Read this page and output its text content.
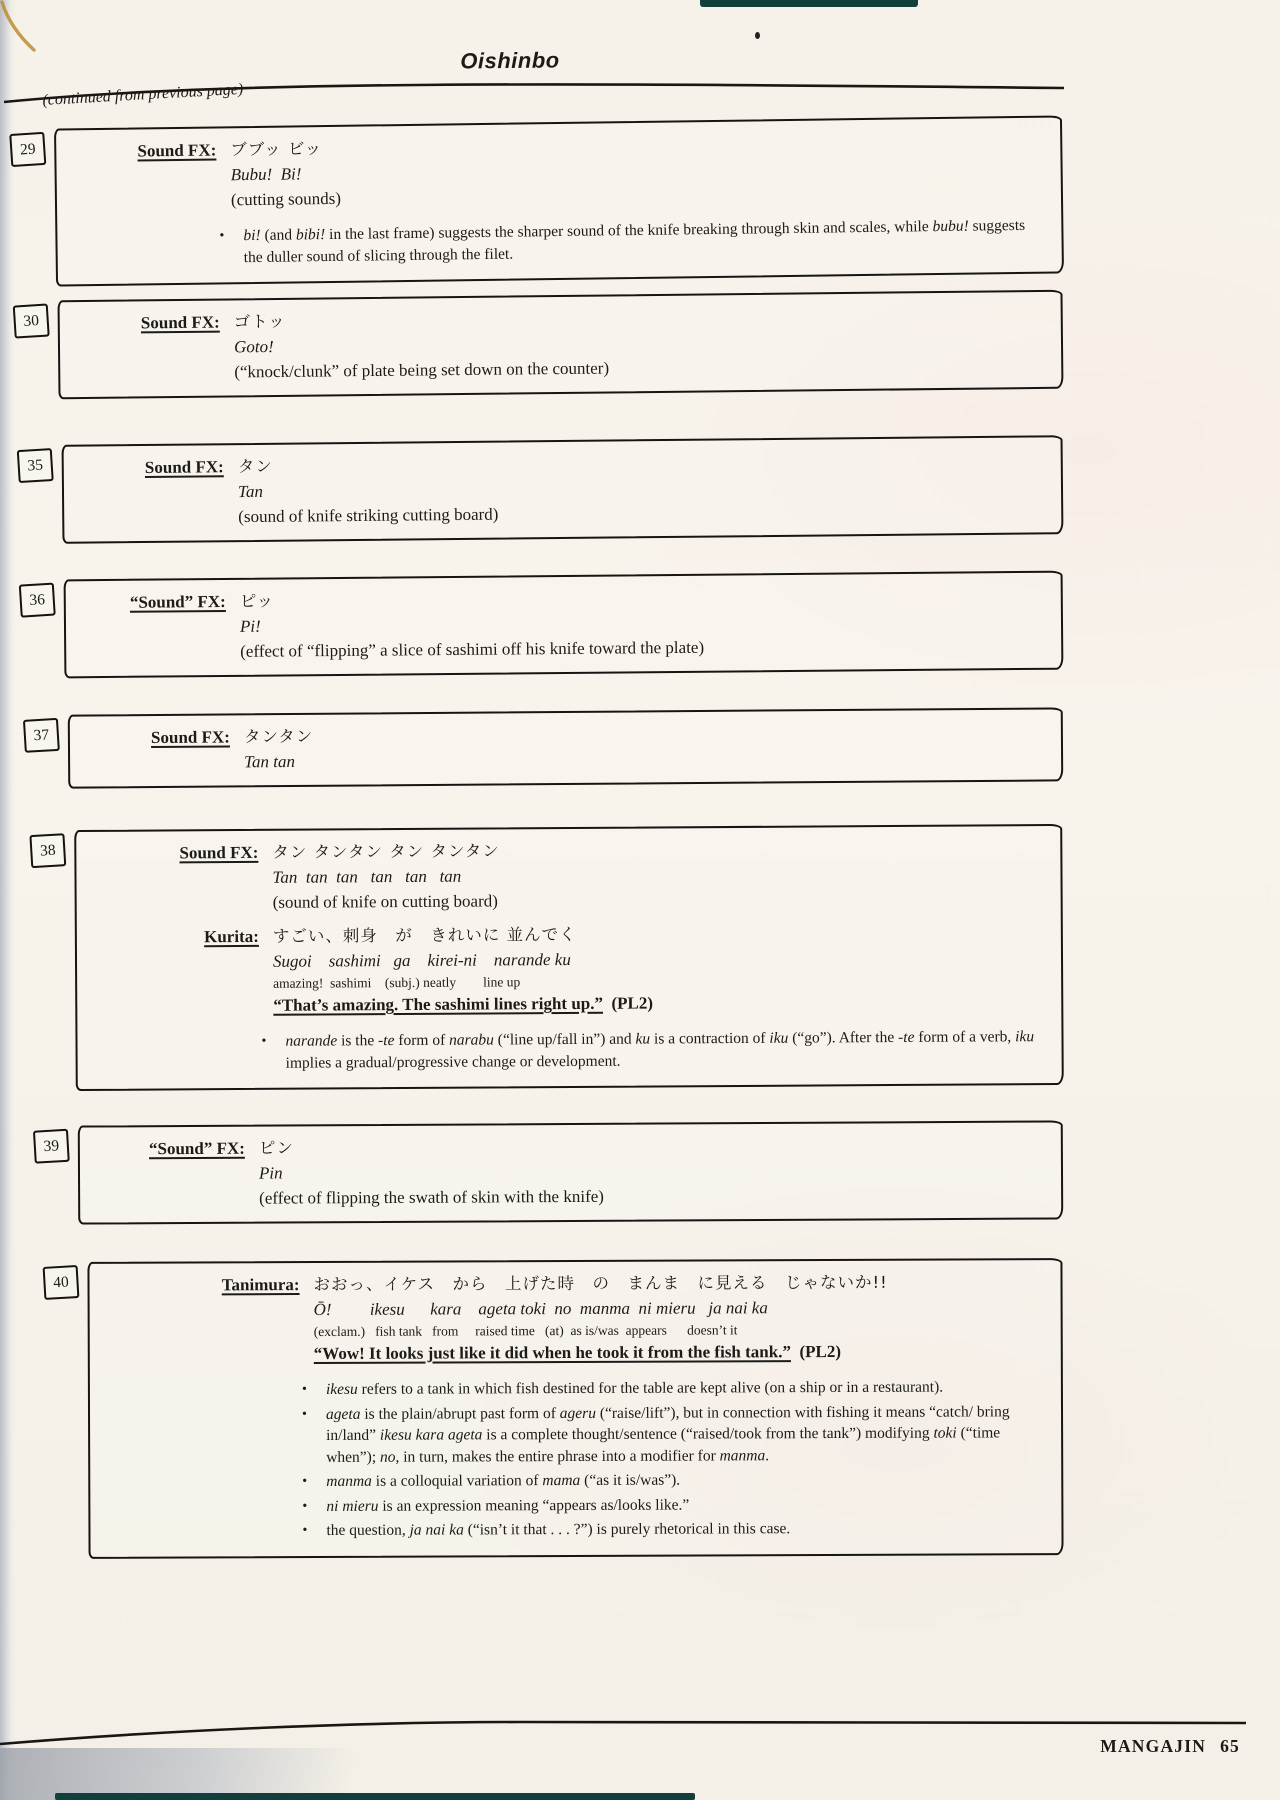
Oishinbo
(continued from previous page)
29	Sound FX: ブブッ ビッ
Bubu!  Bi!
(cutting sounds)
•	bi! (and bibi! in the last frame) suggests the sharper sound of the knife breaking through skin and scales, while bubu! suggests the duller sound of slicing through the filet.
30	Sound FX: ゴトッ
Goto!
(“knock/clunk” of plate being set down on the counter)
35	Sound FX: タン
Tan
(sound of knife striking cutting board)
36	“Sound” FX: ピッ
Pi!
(effect of “flipping” a slice of sashimi off his knife toward the plate)
37	Sound FX: タンタン
Tan tan
38	Sound FX: タン タンタン タン タンタン
Tan  tan  tan   tan   tan   tan
(sound of knife on cutting board)
Kurita: すごい、刺身　が　きれいに 並んでく
Sugoi    sashimi   ga    kirei-ni    narande ku
amazing!  sashimi    (subj.) neatly        line up
“That’s amazing. The sashimi lines right up.” (PL2)
•	narande is the -te form of narabu (“line up/fall in”) and ku is a contraction of iku (“go”). After the -te form of a verb, iku implies a gradual/progressive change or development.
39	“Sound” FX: ピン
Pin
(effect of flipping the swath of skin with the knife)
40	Tanimura: おおっ、イケス　から　上げた時　の　まんま　に見える　じゃないか!!
Ō!         ikesu      kara    ageta toki  no  manma  ni mieru   ja nai ka
(exclam.)   fish tank   from     raised time   (at)  as is/was  appears      doesn’t it
“Wow! It looks just like it did when he took it from the fish tank.” (PL2)
•	ikesu refers to a tank in which fish destined for the table are kept alive (on a ship or in a restaurant).
•	ageta is the plain/abrupt past form of ageru (“raise/lift”), but in connection with fishing it means “catch/ bring in/land” ikesu kara ageta is a complete thought/sentence (“raised/took from the tank”) modifying toki (“time when”); no, in turn, makes the entire phrase into a modifier for manma.
•	manma is a colloquial variation of mama (“as it is/was”).
•	ni mieru is an expression meaning “appears as/looks like.”
•	the question, ja nai ka (“isn’t it that . . . ?”) is purely rhetorical in this case.
MANGAJIN 65
